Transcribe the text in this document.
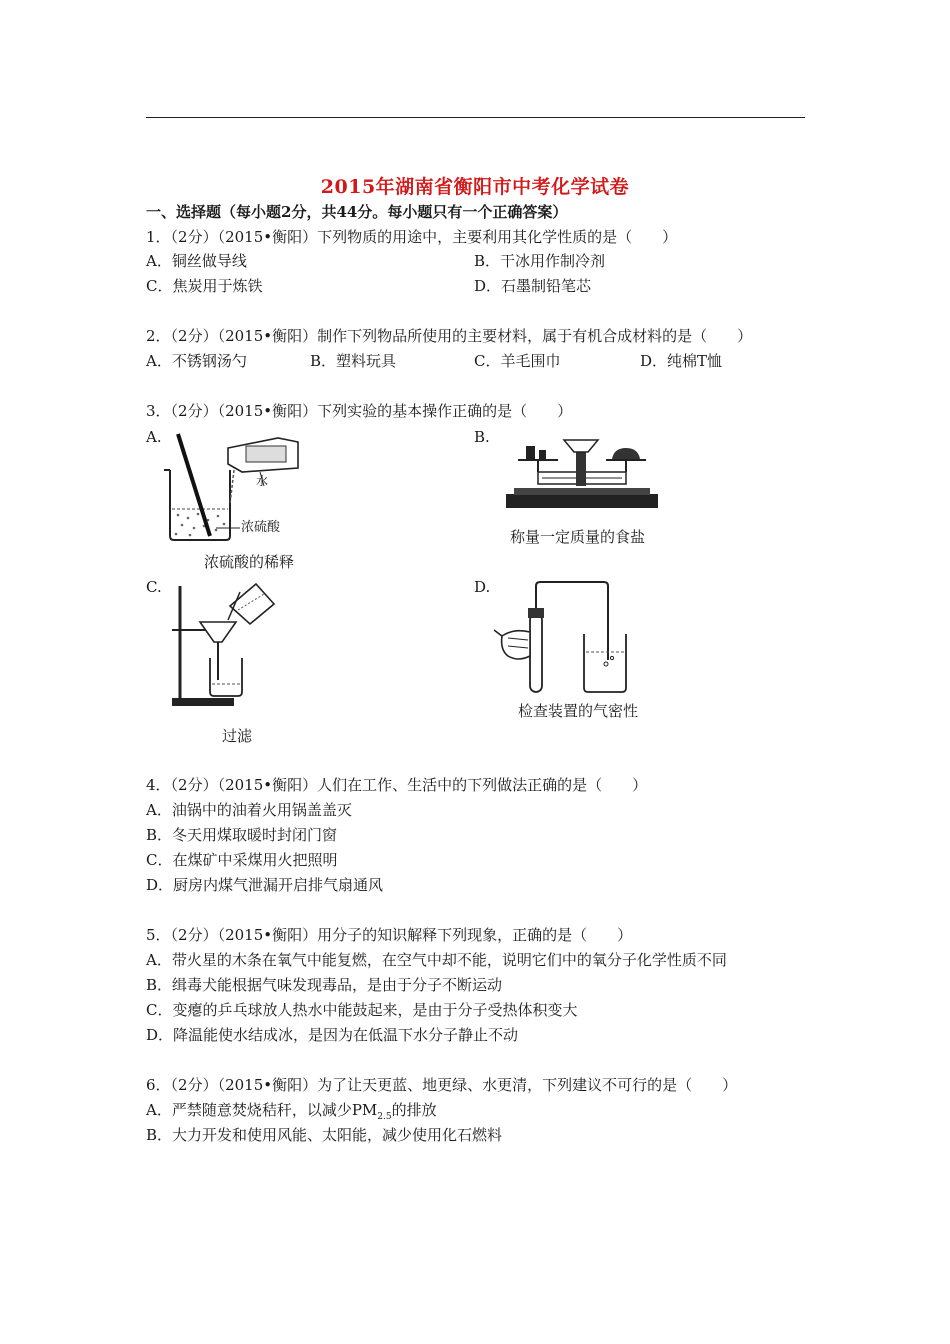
2015年湖南省衡阳市中考化学试卷
一、选择题（每小题2分，共44分。每小题只有一个正确答案）
1．（2分）（2015•衡阳）下列物质的用途中，主要利用其化学性质的是（　　）
A．铜丝做导线	B．干冰用作制冷剂
C．焦炭用于炼铁	D．石墨制铅笔芯
2．（2分）（2015•衡阳）制作下列物品所使用的主要材料，属于有机合成材料的是（　　）
A．不锈钢汤勺	B．塑料玩具	C．羊毛围巾	D．纯棉T恤
3．（2分）（2015•衡阳）下列实验的基本操作正确的是（　　）
A.	B.
水
浓硫酸
浓硫酸的稀释
称量一定质量的食盐
C.	D.
过滤
检查装置的气密性
4．（2分）（2015•衡阳）人们在工作、生活中的下列做法正确的是（　　）
A．油锅中的油着火用锅盖盖灭
B．冬天用煤取暖时封闭门窗
C．在煤矿中采煤用火把照明
D．厨房内煤气泄漏开启排气扇通风
5．（2分）（2015•衡阳）用分子的知识解释下列现象，正确的是（　　）
A．带火星的木条在氧气中能复燃，在空气中却不能，说明它们中的氧分子化学性质不同
B．缉毒犬能根据气味发现毒品，是由于分子不断运动
C．变瘪的乒乓球放人热水中能鼓起来，是由于分子受热体积变大
D．降温能使水结成冰，是因为在低温下水分子静止不动
6．（2分）（2015•衡阳）为了让天更蓝、地更绿、水更清，下列建议不可行的是（　　）
A．严禁随意焚烧秸秆，以减少$PM_{2.5}$的排放
B．大力开发和使用风能、太阳能，减少使用化石燃料
